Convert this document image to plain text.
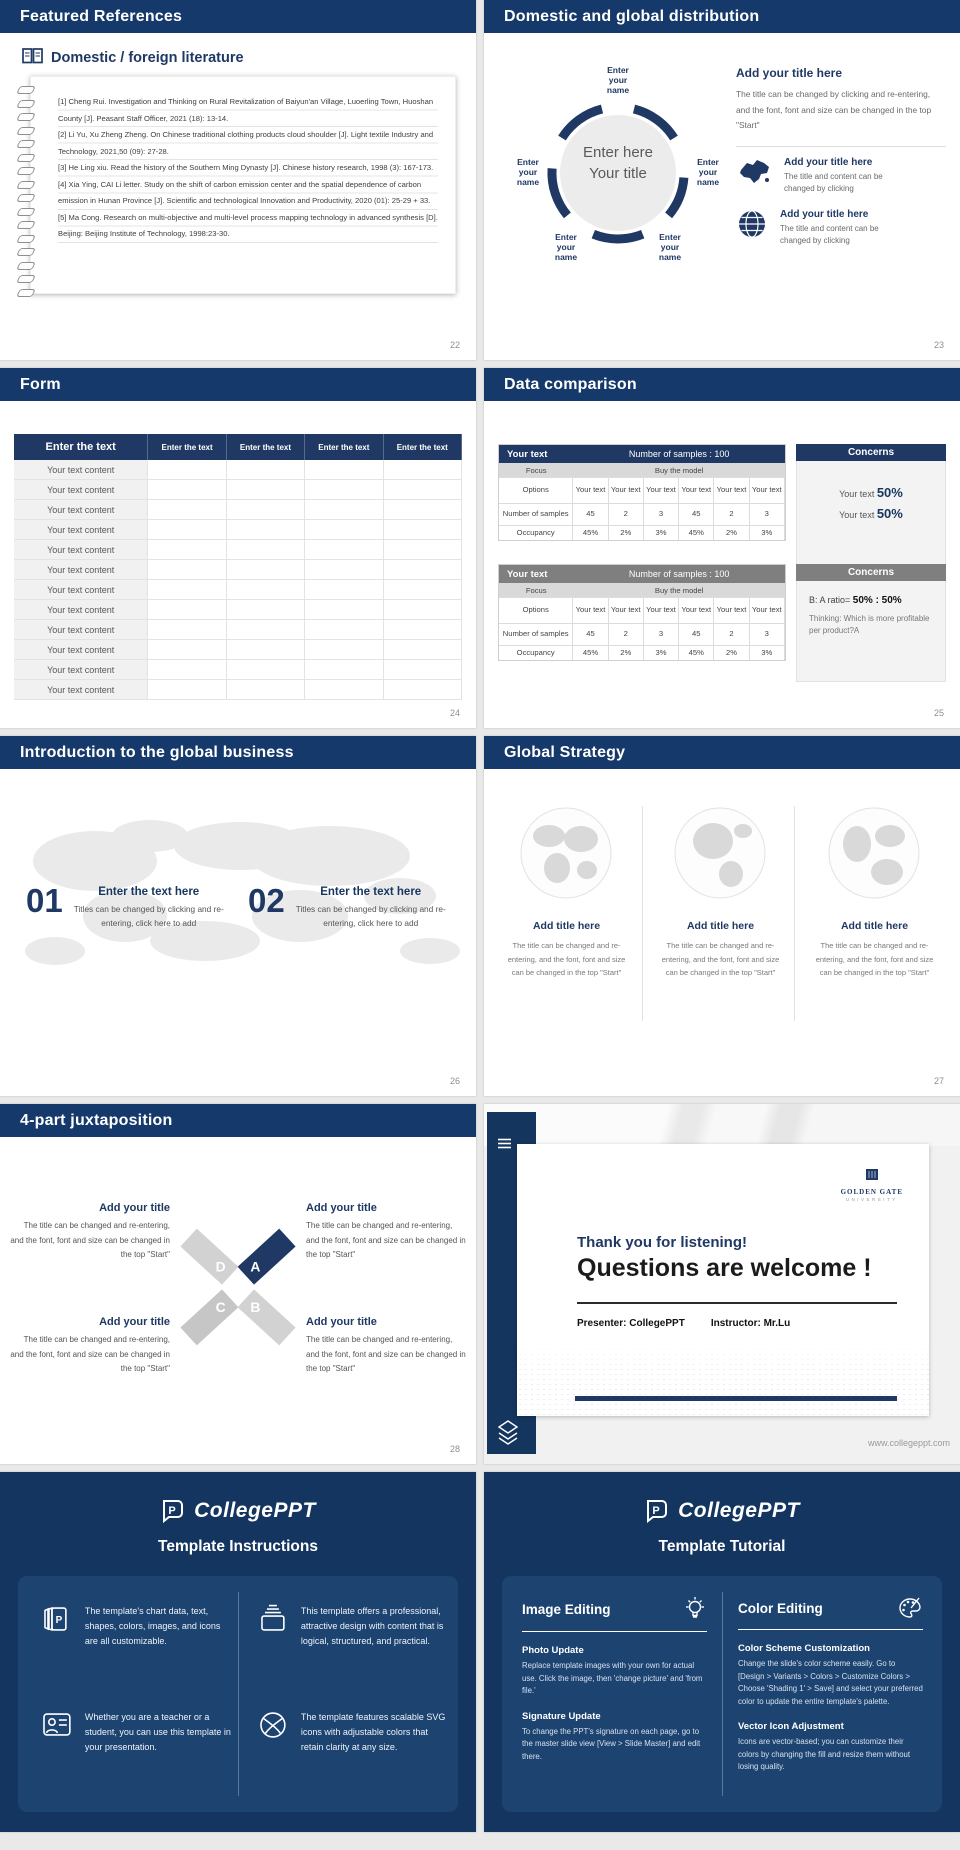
Featured References
Domestic / foreign literature
[1] Cheng Rui. Investigation and Thinking on Rural Revitalization of Baiyun'an Village, Luoerling Town, Huoshan County [J]. Peasant Staff Officer, 2021 (18): 13-14.
[2] Li Yu, Xu Zheng Zheng. On Chinese traditional clothing products cloud shoulder [J]. Light textile Industry and Technology, 2021,50 (09): 27-28.
[3] He Ling xiu. Read the history of the Southern Ming Dynasty [J]. Chinese history research, 1998 (3): 167-173.
[4] Xia Ying, CAI Li letter. Study on the shift of carbon emission center and the spatial dependence of carbon emission in Hunan Province [J]. Scientific and technological Innovation and Productivity, 2020 (01): 25-29 + 33.
[5] Ma Cong. Research on multi-objective and multi-level process mapping technology in advanced synthesis [D]. Beijing: Beijing Institute of Technology, 1998:23-30.
22
Domestic and global distribution
Enter here
Your title
Enter your name
Enter your name
Enter your name
Enter your name
Enter your name
Add your title here
The title can be changed by clicking and re-entering, and the font, font and size can be changed in the top "Start"
Add your title here
The title and content can be changed by clicking
Add your title here
The title and content can be changed by clicking
23
Form
Enter the text	Enter the text	Enter the text	Enter the text	Enter the text
Your text content
Your text content
Your text content
Your text content
Your text content
Your text content
Your text content
Your text content
Your text content
Your text content
Your text content
Your text content
24
Data comparison
Your text	Number of samples : 100
Focus	Buy the model
Options	Your text Your text Your text Your text Your text Your text
Number of samples	45	2	3	45	2	3
Occupancy	45%	2%	3%	45%	2%	3%
Concerns
Your text 50%
Your text 50%
Your text	Number of samples : 100
Focus	Buy the model
Options	Your text Your text Your text Your text Your text Your text
Number of samples	45	2	3	45	2	3
Occupancy	45%	2%	3%	45%	2%	3%
Concerns
B: A ratio= 50% : 50%
Thinking: Which is more profitable per product?A
25
Introduction to the global business
01	Enter the text here
Titles can be changed by clicking and re-entering, click here to add
02	Enter the text here
Titles can be changed by clicking and re-entering, click here to add
26
Global Strategy
Add title here

The title can be changed and re-entering, and the font, font and size can be changed in the top "Start"

Add title here

The title can be changed and re-entering, and the font, font and size can be changed in the top "Start"

Add title here

The title can be changed and re-entering, and the font, font and size can be changed in the top "Start"

27
4-part juxtaposition
D A
C B
Add your title

The title can be changed and re-entering, and the font, font and size can be changed in the top "Start"

Add your title

The title can be changed and re-entering, and the font, font and size can be changed in the top "Start"

Add your title

The title can be changed and re-entering, and the font, font and size can be changed in the top "Start"

Add your title

The title can be changed and re-entering, and the font, font and size can be changed in the top "Start"

28
GOLDEN GATE
UNIVERSITY
Thank you for listening!
Questions are welcome !
Presenter: CollegePPT	Instructor: Mr.Lu
www.collegeppt.com
P CollegePPT
Template Instructions
P

The template's chart data, text, shapes, colors, images, and icons are all customizable.

This template offers a professional, attractive design with content that is logical, structured, and practical.

Whether you are a teacher or a student, you can use this template in your presentation.

The template features scalable SVG icons with adjustable colors that retain clarity at any size.

P CollegePPT
Template Tutorial
Image Editing
Photo Update

Replace template images with your own for actual use. Click the image, then 'change picture' and 'from file.'

Signature Update

To change the PPT's signature on each page, go to the master slide view [View > Slide Master] and edit there.

Color Editing
Color Scheme Customization

Change the slide's color scheme easily. Go to [Design > Variants > Colors > Customize Colors > Choose 'Shading 1' > Save] and select your preferred color to update the entire template's palette.

Vector Icon Adjustment

Icons are vector-based; you can customize their colors by changing the fill and resize them without losing quality.
